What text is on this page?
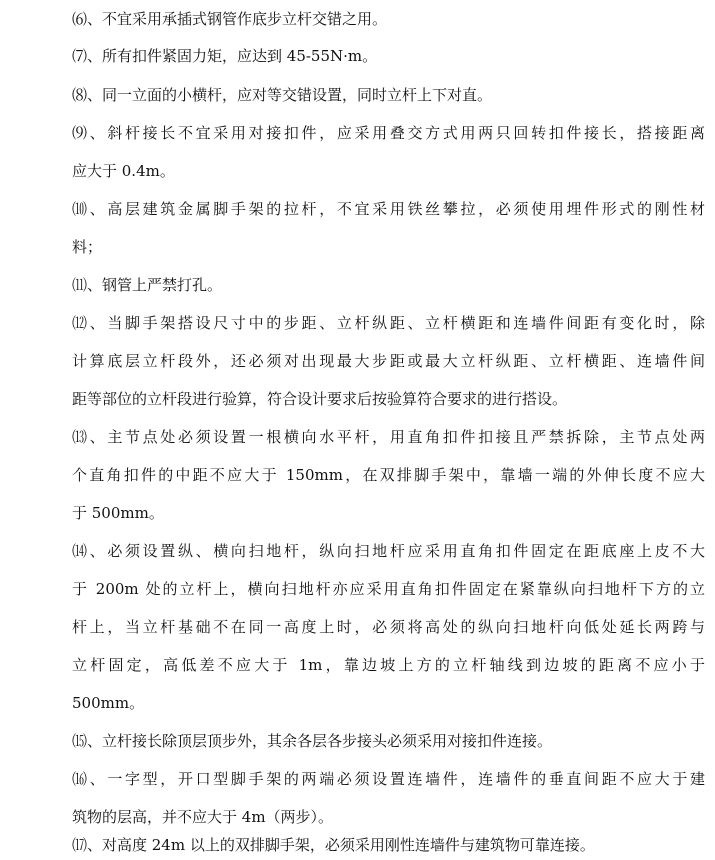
⑹、不宜采用承插式钢管作底步立杆交错之用。
⑺、所有扣件紧固力矩，应达到 45-55N·m。
⑻、同一立面的小横杆，应对等交错设置，同时立杆上下对直。
⑼、斜杆接长不宜采用对接扣件，应采用叠交方式用两只回转扣件接长，搭接距离
应大于 0.4m。
⑽、高层建筑金属脚手架的拉杆，不宜采用铁丝攀拉，必须使用埋件形式的刚性材
料；
⑾、钢管上严禁打孔。
⑿、当脚手架搭设尺寸中的步距、立杆纵距、立杆横距和连墙件间距有变化时，除
计算底层立杆段外，还必须对出现最大步距或最大立杆纵距、立杆横距、连墙件间
距等部位的立杆段进行验算，符合设计要求后按验算符合要求的进行搭设。
⒀、主节点处必须设置一根横向水平杆，用直角扣件扣接且严禁拆除，主节点处两
个直角扣件的中距不应大于 150mm，在双排脚手架中，靠墙一端的外伸长度不应大
于 500mm。
⒁、必须设置纵、横向扫地杆，纵向扫地杆应采用直角扣件固定在距底座上皮不大
于 200m 处的立杆上，横向扫地杆亦应采用直角扣件固定在紧靠纵向扫地杆下方的立
杆上，当立杆基础不在同一高度上时，必须将高处的纵向扫地杆向低处延长两跨与
立杆固定，高低差不应大于 1m，靠边坡上方的立杆轴线到边坡的距离不应小于
500mm。
⒂、立杆接长除顶层顶步外，其余各层各步接头必须采用对接扣件连接。
⒃、一字型，开口型脚手架的两端必须设置连墙件，连墙件的垂直间距不应大于建
筑物的层高，并不应大于 4m（两步）。
⒄、对高度 24m 以上的双排脚手架，必须采用刚性连墙件与建筑物可靠连接。
